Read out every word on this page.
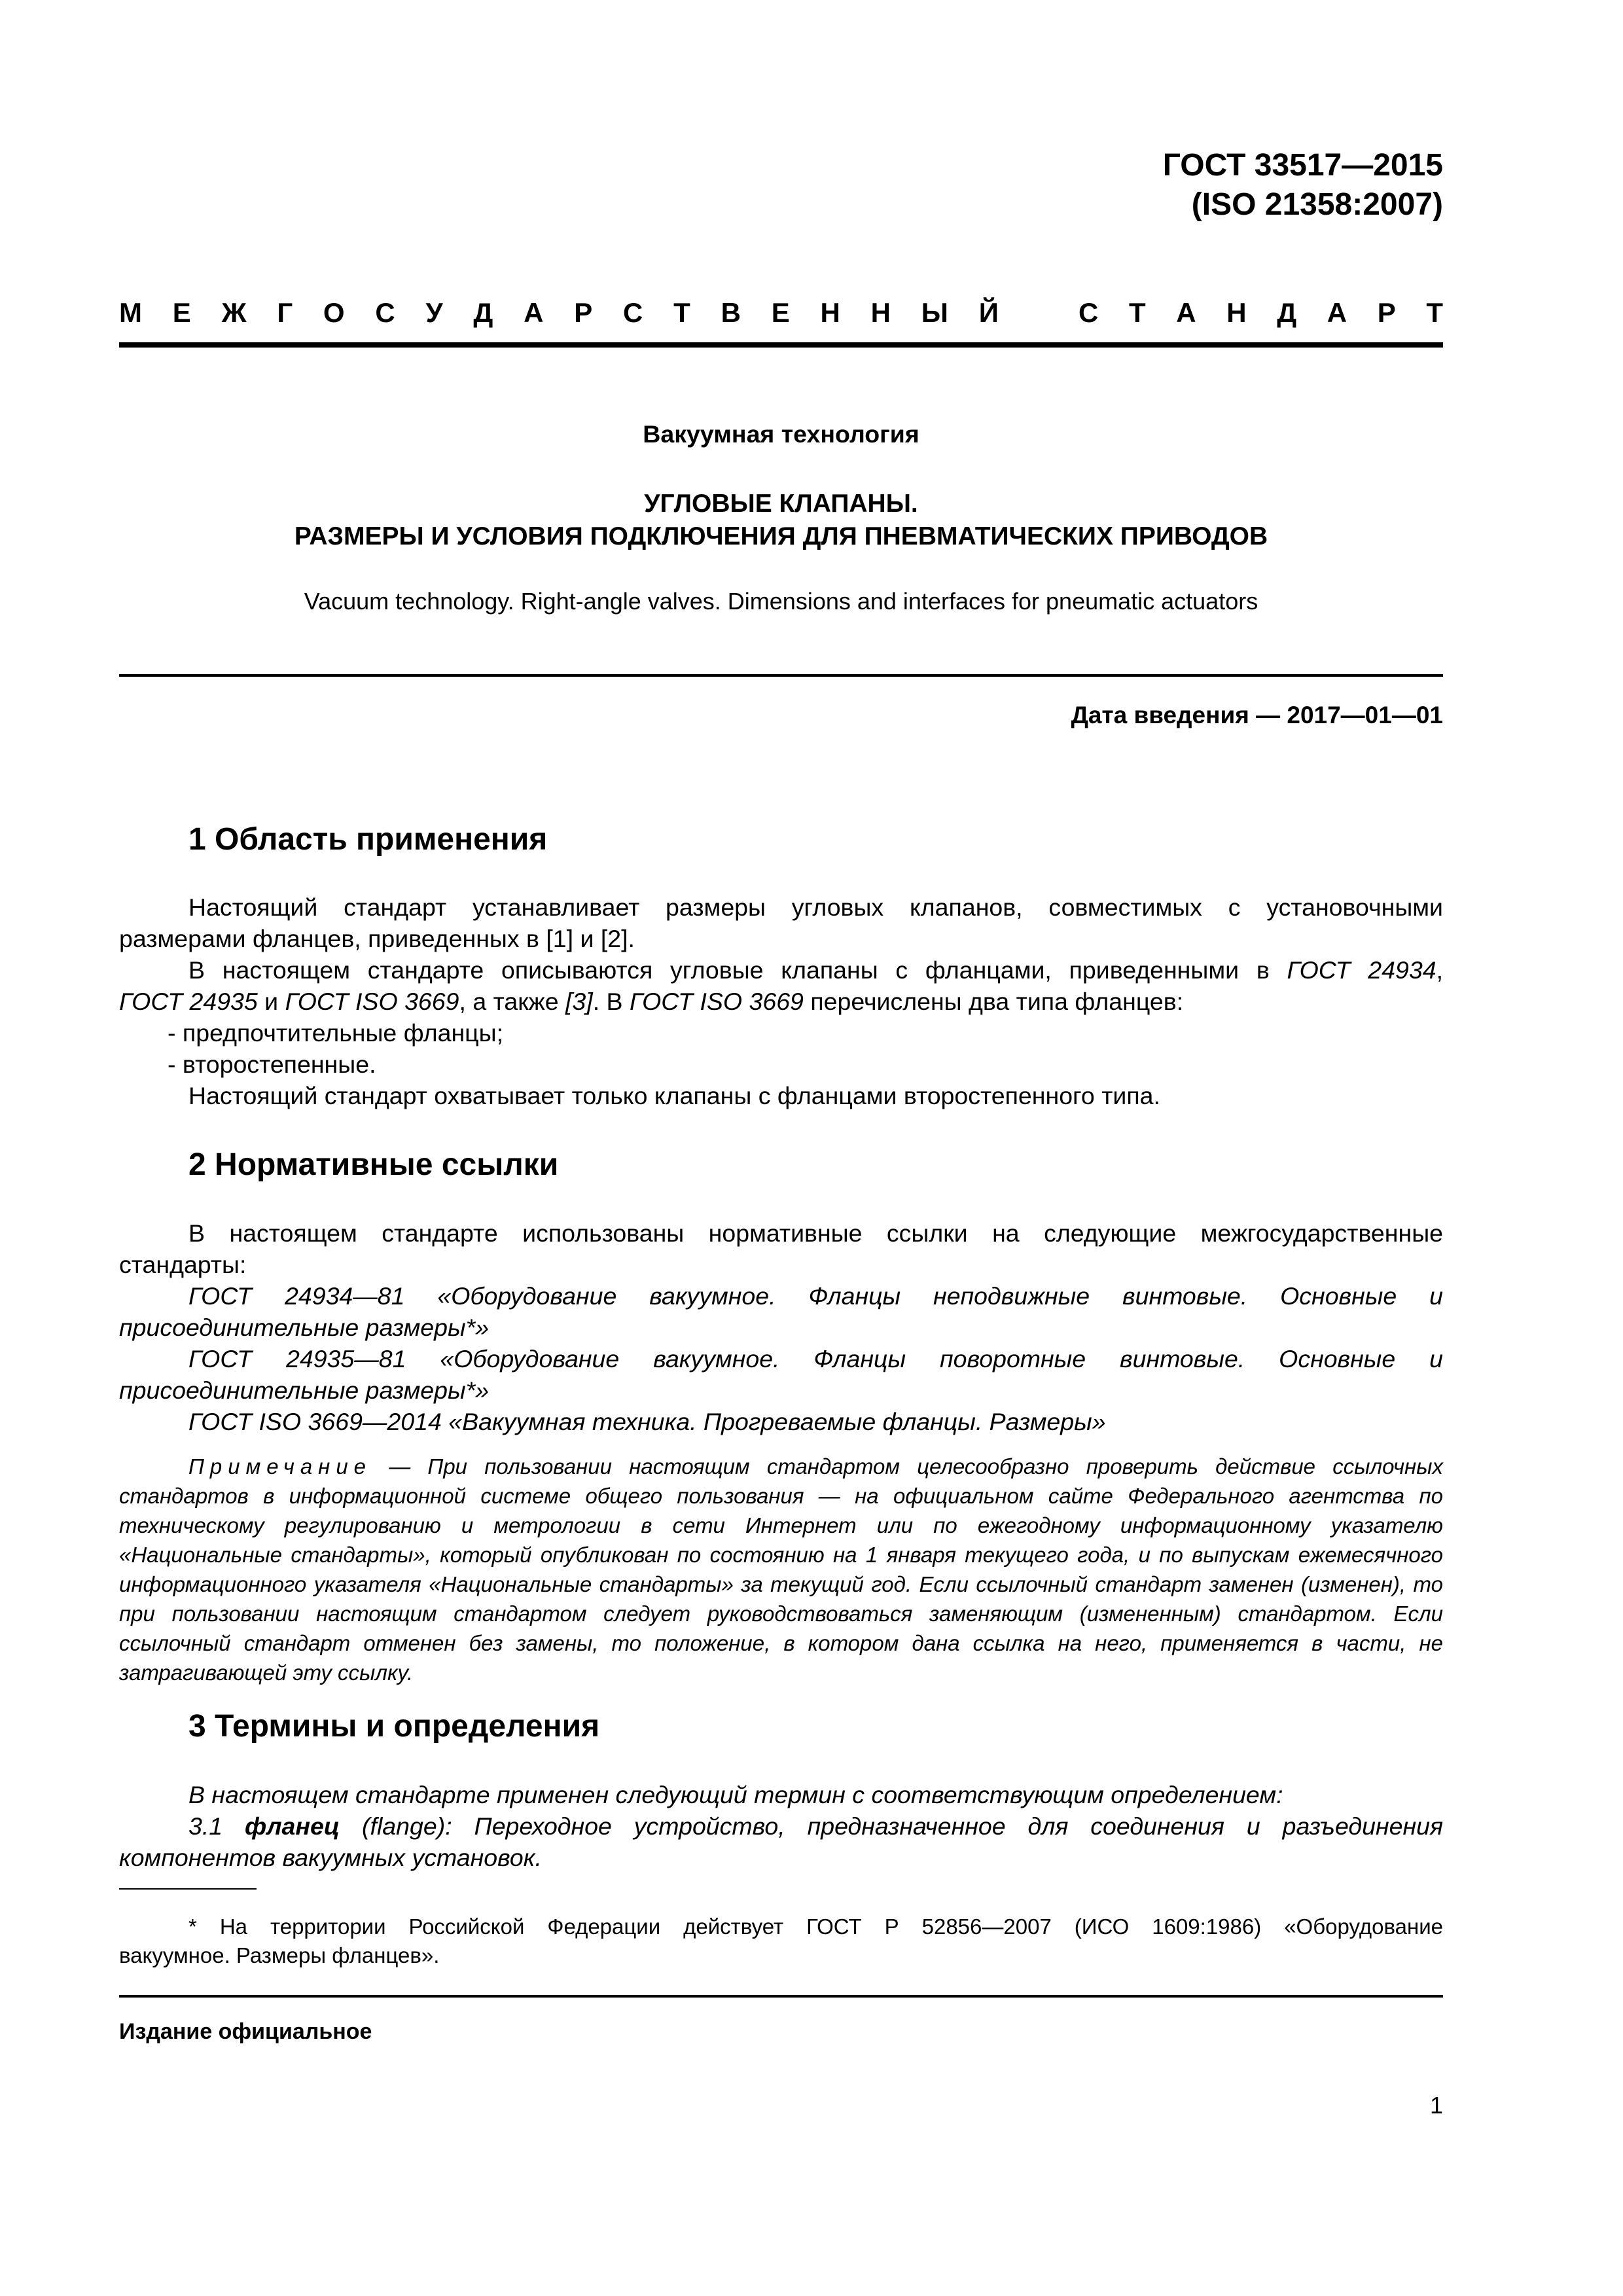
ГОСТ 33517—2015
(ISO 21358:2007)
М Е Ж Г О С У Д А Р С Т В Е Н Н Ы Й	С Т А Н Д А Р Т
Вакуумная технология
УГЛОВЫЕ КЛАПАНЫ.
РАЗМЕРЫ И УСЛОВИЯ ПОДКЛЮЧЕНИЯ ДЛЯ ПНЕВМАТИЧЕСКИХ ПРИВОДОВ
Vacuum technology. Right-angle valves. Dimensions and interfaces for pneumatic actuators
Дата введения — 2017—01—01
1 Область применения
Настоящий стандарт устанавливает размеры угловых клапанов, совместимых с установочными
размерами фланцев, приведенных в [1] и [2].
В настоящем стандарте описываются угловые клапаны с фланцами, приведенными в ГОСТ 24934,
ГОСТ 24935 и ГОСТ ISO 3669, а также [3]. В ГОСТ ISO 3669 перечислены два типа фланцев:
- предпочтительные фланцы;
- второстепенные.
Настоящий стандарт охватывает только клапаны с фланцами второстепенного типа.
2 Нормативные ссылки
В настоящем стандарте использованы нормативные ссылки на следующие межгосударственные
стандарты:
ГОСТ 24934—81 «Оборудование вакуумное. Фланцы неподвижные винтовые. Основные и
присоединительные размеры*»
ГОСТ 24935—81 «Оборудование вакуумное. Фланцы поворотные винтовые. Основные и
присоединительные размеры*»
ГОСТ ISO 3669—2014 «Вакуумная техника. Прогреваемые фланцы. Размеры»
Примечание — При пользовании настоящим стандартом целесообразно проверить действие ссылочных стандартов в информационной системе общего пользования — на официальном сайте Федерального агентства по техническому регулированию и метрологии в сети Интернет или по ежегодному информационному указателю «Национальные стандарты», который опубликован по состоянию на 1 января текущего года, и по выпускам ежемесячного информационного указателя «Национальные стандарты» за текущий год. Если ссылочный стандарт заменен (изменен), то при пользовании настоящим стандартом следует руководствоваться заменяющим (измененным) стандартом. Если ссылочный стандарт отменен без замены, то положение, в котором дана ссылка на него, применяется в части, не затрагивающей эту ссылку.
3 Термины и определения
В настоящем стандарте применен следующий термин с соответствующим определением:
3.1 фланец (flange): Переходное устройство, предназначенное для соединения и разъединения
компонентов вакуумных установок.
* На территории Российской Федерации действует ГОСТ Р 52856—2007 (ИСО 1609:1986) «Оборудование
вакуумное. Размеры фланцев».
Издание официальное
1
